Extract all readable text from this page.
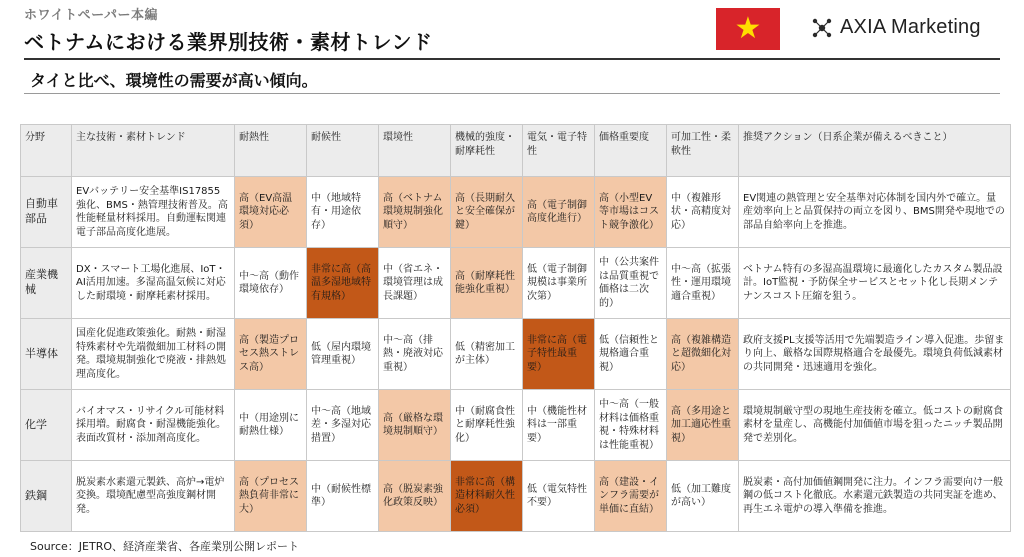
ホワイトペーパー本編
ベトナムにおける業界別技術・素材トレンド	★	AXIA Marketing
タイと比べ、環境性の需要が高い傾向。
分野	主な技術・素材トレンド	耐熱性	耐候性	環境性	機械的強度・耐摩耗性	電気・電子特性	価格重要度	可加工性・柔軟性	推奨アクション（日系企業が備えるべきこと）
自動車部品	EVバッテリー安全基準IS17855強化、BMS・熱管理技術普及。高性能軽量材料採用。自動運転関連電子部品高度化進展。	高（EV高温環境対応必須）	中（地域特有・用途依存）	高（ベトナム環境規制強化順守）	高（長期耐久と安全確保が鍵）	高（電子制御高度化進行）	高（小型EV等市場はコスト競争激化）	中（複雑形状・高精度対応）	EV関連の熱管理と安全基準対応体制を国内外で確立。量産効率向上と品質保持の両立を図り、BMS開発や現地での部品自給率向上を推進。
産業機械	DX・スマート工場化進展、IoT・AI活用加速。多湿高温気候に対応した耐環境・耐摩耗素材採用。	中〜高（動作環境依存）	非常に高（高温多湿地域特有規格）	中（省エネ・環境管理は成長課題）	高（耐摩耗性能強化重視）	低（電子制御規模は事業所次第）	中（公共案件は品質重視で価格は二次的）	中〜高（拡張性・運用環境適合重視）	ベトナム特有の多湿高温環境に最適化したカスタム製品設計。IoT監視・予防保全サービスとセット化し長期メンテナンスコスト圧縮を狙う。
半導体	国産化促進政策強化。耐熱・耐湿特殊素材や先端微細加工材料の開発。環境規制強化で廃液・排熱処理高度化。	高（製造プロセス熱ストレス高）	低（屋内環境管理重視）	中〜高（排熱・廃液対応重視）	低（精密加工が主体）	非常に高（電子特性最重要）	低（信頼性と規格適合重視）	高（複雑構造と超微細化対応）	政府支援PL支援等活用で先端製造ライン導入促進。歩留まり向上、厳格な国際規格適合を最優先。環境負荷低減素材の共同開発・迅速適用を強化。
化学	バイオマス・リサイクル可能材料採用増。耐腐食・耐湿機能強化。表面改質材・添加剤高度化。	中（用途別に耐熱仕様）	中〜高（地域差・多湿対応措置）	高（厳格な環境規制順守）	中（耐腐食性と耐摩耗性強化）	中（機能性材料は一部重要）	中〜高（一般材料は価格重視・特殊材料は性能重視）	高（多用途と加工適応性重視）	環境規制厳守型の現地生産技術を確立。低コストの耐腐食素材を量産し、高機能付加価値市場を狙ったニッチ製品開発で差別化。
鉄鋼	脱炭素水素還元製鉄、高炉→電炉変換。環境配慮型高強度鋼材開発。	高（プロセス熱負荷非常に大）	中（耐候性標準）	高（脱炭素強化政策反映）	非常に高（構造材料耐久性必須）	低（電気特性不要）	高（建設・インフラ需要が単価に直結）	低（加工難度が高い）	脱炭素・高付加価値鋼開発に注力。インフラ需要向け一般鋼の低コスト化徹底。水素還元鉄製造の共同実証を進め、再生エネ電炉の導入準備を推進。
Source：JETRO、経済産業省、各産業別公開レポート
